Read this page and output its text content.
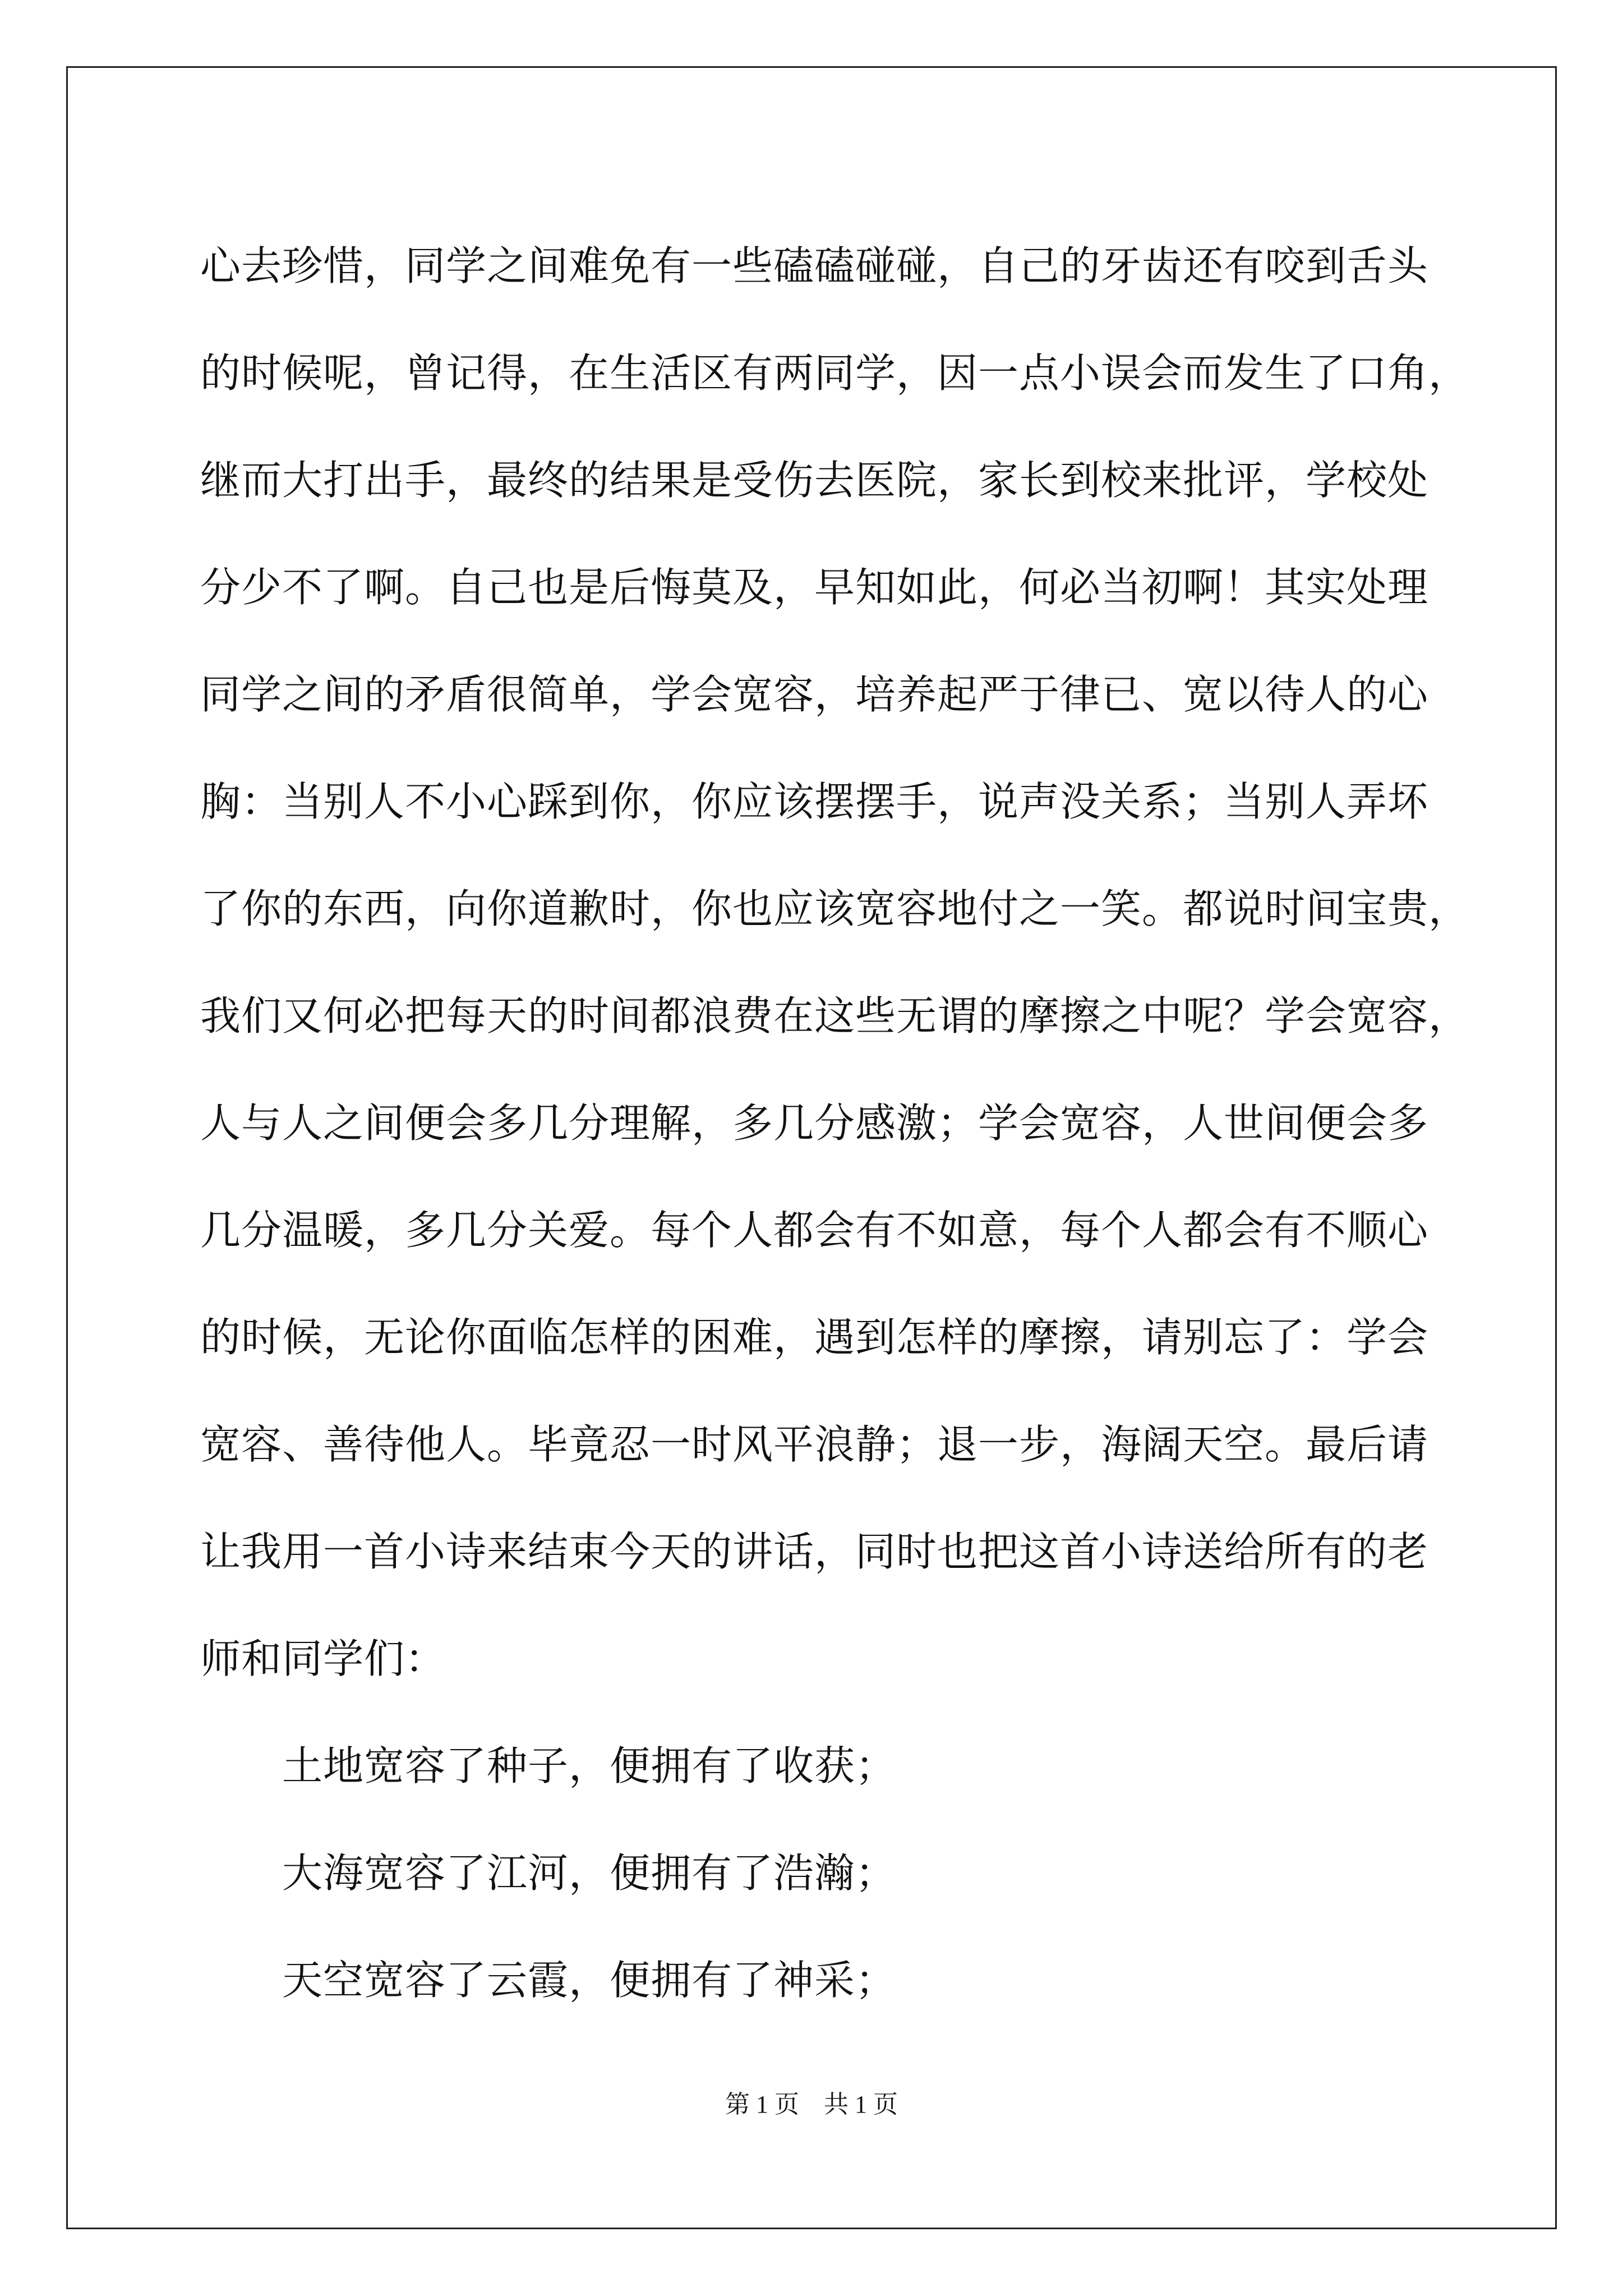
心去珍惜，同学之间难免有一些磕磕碰碰，自己的牙齿还有咬到舌头
的时候呢，曾记得，在生活区有两同学，因一点小误会而发生了口角，
继而大打出手，最终的结果是受伤去医院，家长到校来批评，学校处
分少不了啊。自己也是后悔莫及，早知如此，何必当初啊！其实处理
同学之间的矛盾很简单，学会宽容，培养起严于律已、宽以待人的心
胸：当别人不小心踩到你，你应该摆摆手，说声没关系；当别人弄坏
了你的东西，向你道歉时，你也应该宽容地付之一笑。都说时间宝贵，
我们又何必把每天的时间都浪费在这些无谓的摩擦之中呢？学会宽容，
人与人之间便会多几分理解，多几分感激；学会宽容，人世间便会多
几分温暖，多几分关爱。每个人都会有不如意，每个人都会有不顺心
的时候，无论你面临怎样的困难，遇到怎样的摩擦，请别忘了：学会
宽容、善待他人。毕竟忍一时风平浪静；退一步，海阔天空。最后请
让我用一首小诗来结束今天的讲话，同时也把这首小诗送给所有的老
师和同学们：
土地宽容了种子，便拥有了收获；
大海宽容了江河，便拥有了浩瀚；
天空宽容了云霞，便拥有了神采；
第 1 页　共 1 页
